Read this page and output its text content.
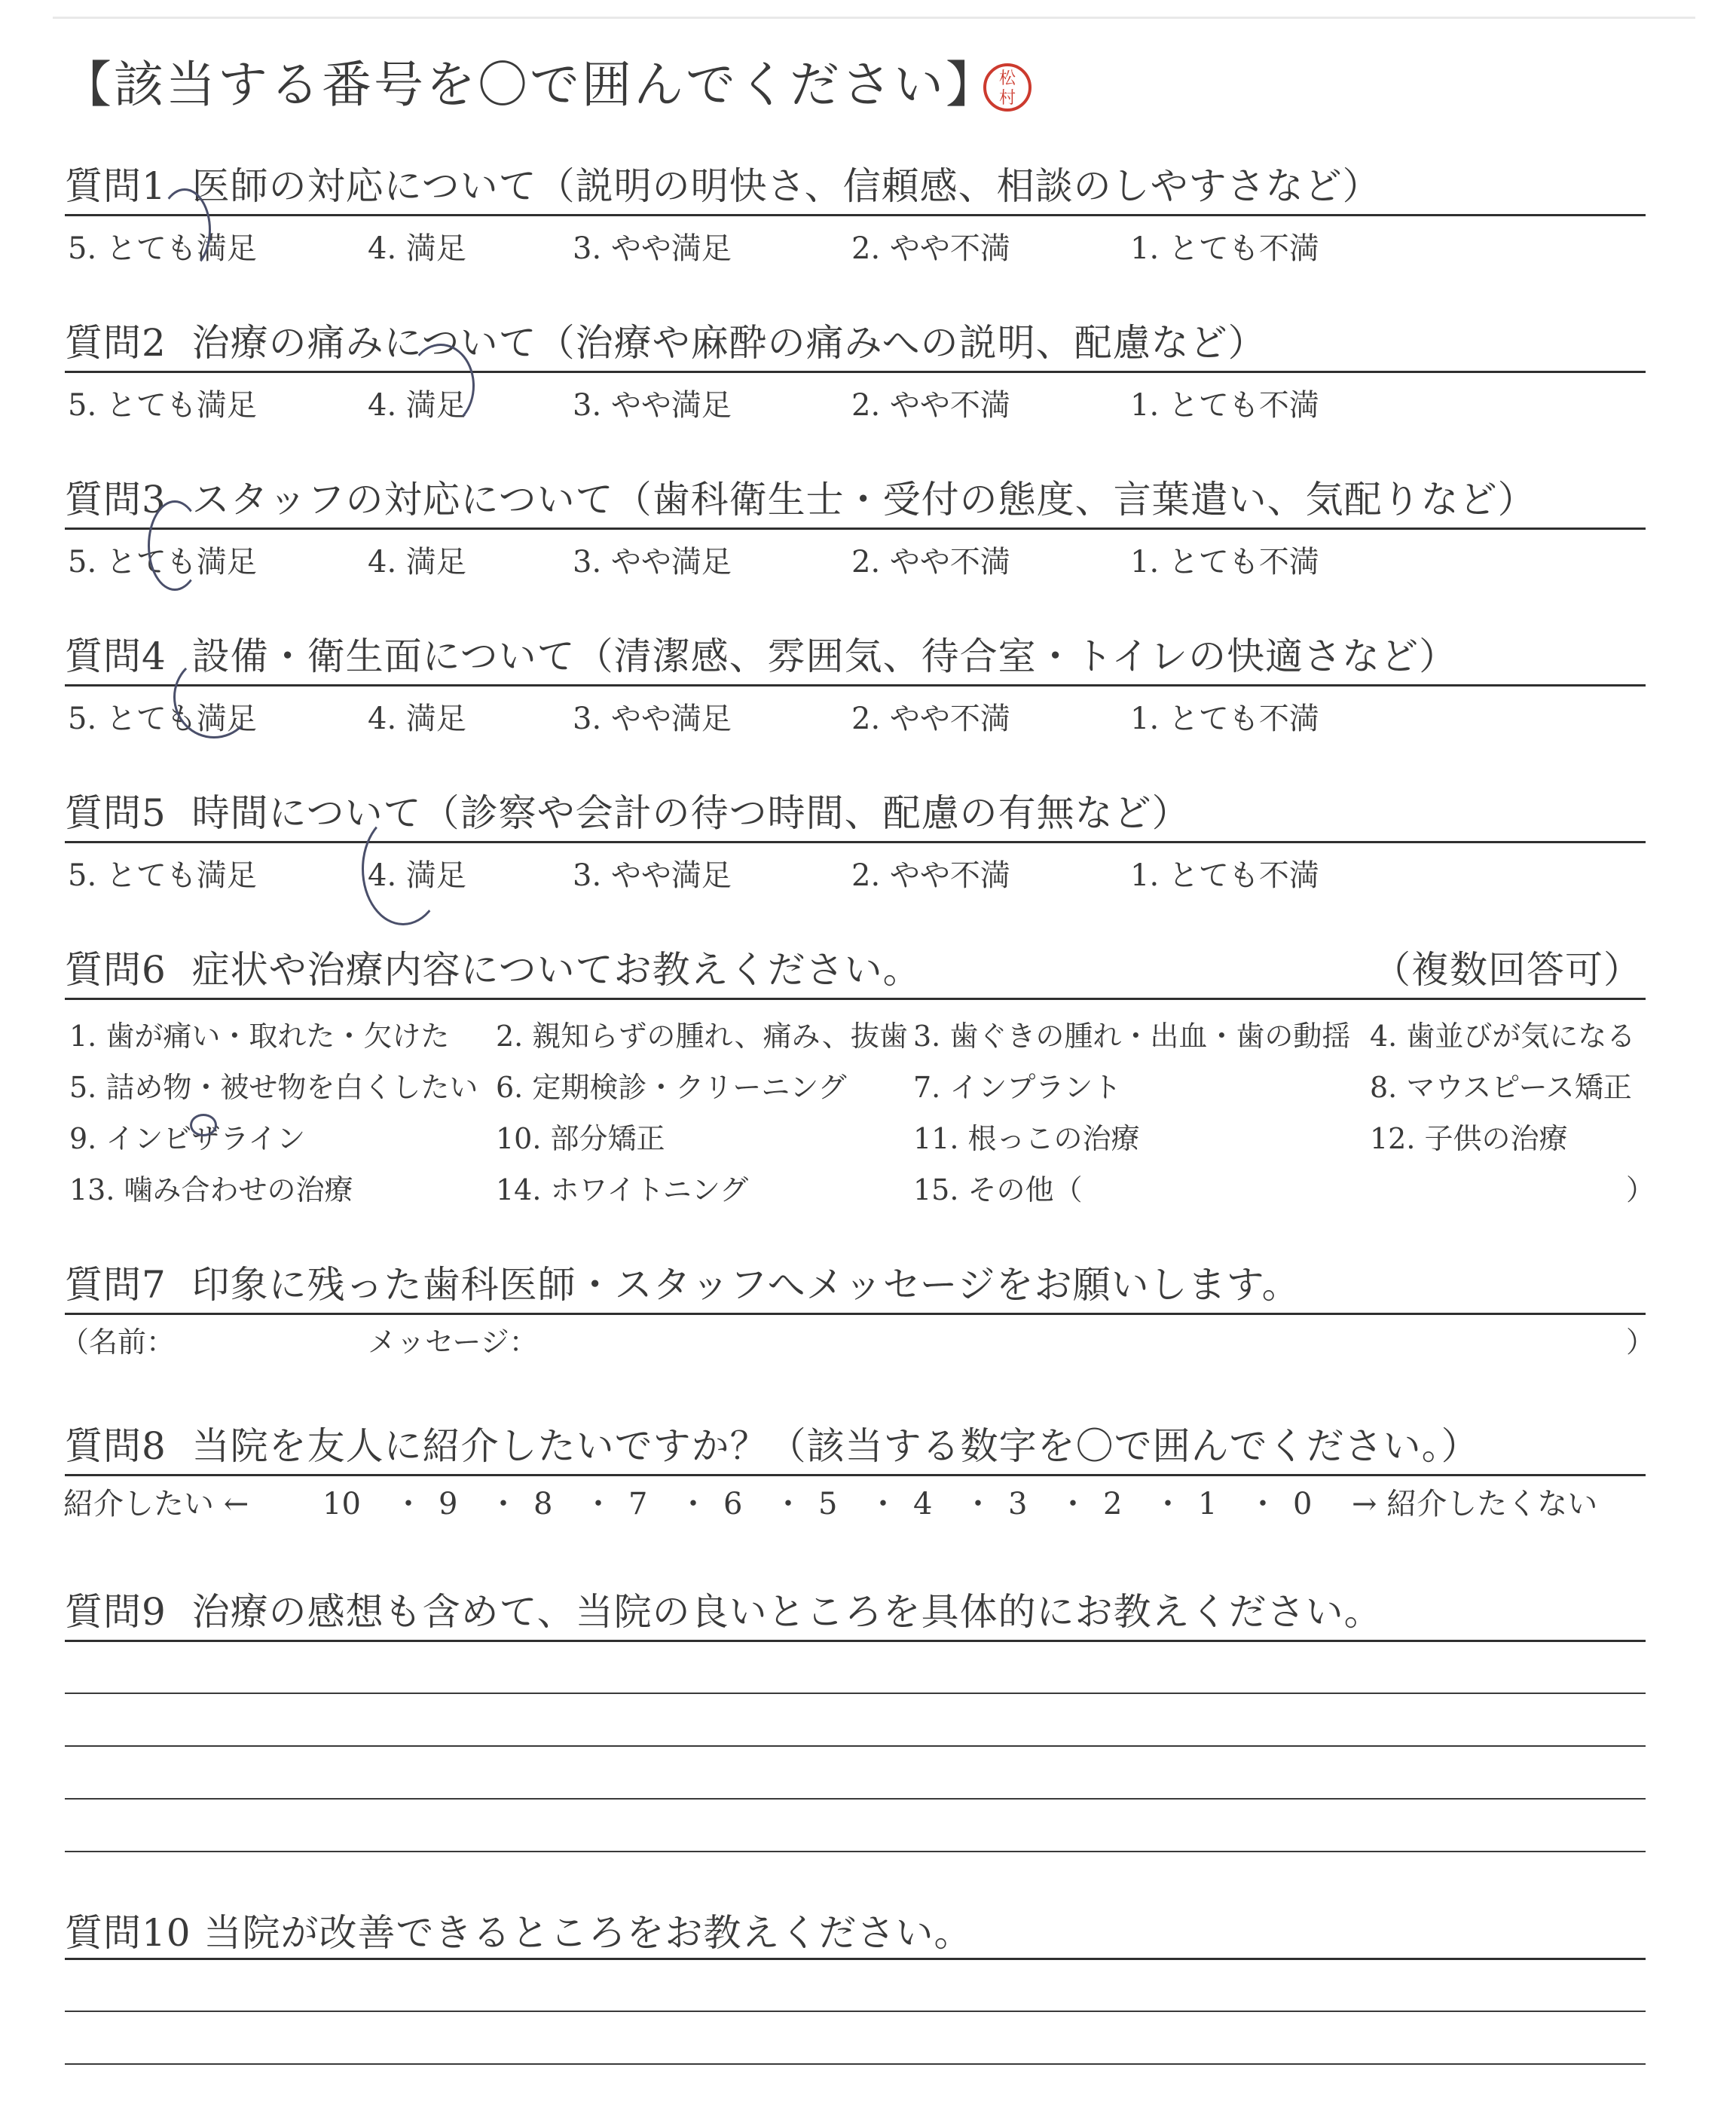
【該当する番号を〇で囲んでください】 松
村
質問1 医師の対応について（説明の明快さ、信頼感、相談のしやすさなど）
5. とても満足	4. 満足	3. やや満足	2. やや不満	1. とても不満
質問2 治療の痛みについて（治療や麻酔の痛みへの説明、配慮など）
5. とても満足	4. 満足	3. やや満足	2. やや不満	1. とても不満
質問3 スタッフの対応について（歯科衛生士・受付の態度、言葉遣い、気配りなど）
5. とても満足	4. 満足	3. やや満足	2. やや不満	1. とても不満
質問4 設備・衛生面について（清潔感、雰囲気、待合室・トイレの快適さなど）
5. とても満足	4. 満足	3. やや満足	2. やや不満	1. とても不満
質問5 時間について（診察や会計の待つ時間、配慮の有無など）
5. とても満足	4. 満足	3. やや満足	2. やや不満	1. とても不満
質問6 症状や治療内容についてお教えください。	（複数回答可）
1. 歯が痛い・取れた・欠けた 2. 親知らずの腫れ、痛み、抜歯 3. 歯ぐきの腫れ・出血・歯の動揺 4. 歯並びが気になる
5. 詰め物・被せ物を白くしたい 6. 定期検診・クリーニング 7. インプラント	8. マウスピース矯正
9. インビザライン	10. 部分矯正	11. 根っこの治療	12. 子供の治療
13. 噛み合わせの治療	14. ホワイトニング	15. その他（	）
質問7 印象に残った歯科医師・スタッフへメッセージをお願いします。
（名前：	メッセージ：	）
質問8 当院を友人に紹介したいですか？（該当する数字を〇で囲んでください。）
紹介したい ← 10 ・ 9 ・ 8 ・ 7 ・ 6 ・ 5 ・ 4 ・ 3 ・ 2 ・ 1 ・ 0 → 紹介したくない
質問9 治療の感想も含めて、当院の良いところを具体的にお教えください。
質問10 当院が改善できるところをお教えください。
